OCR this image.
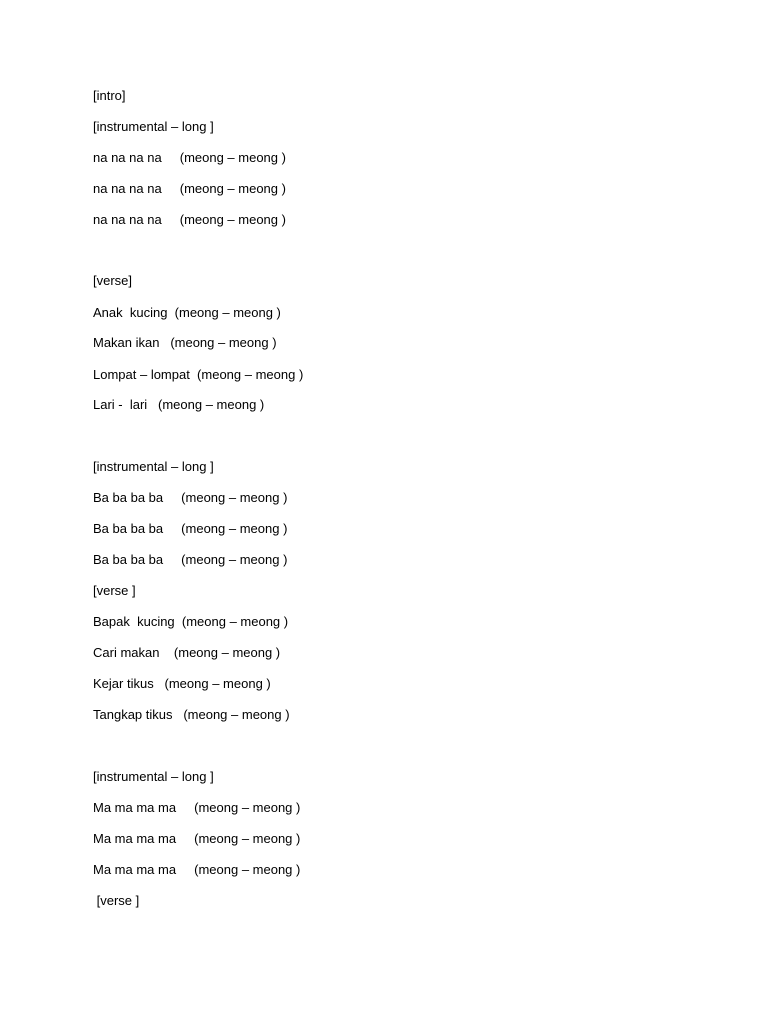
[intro]
[instrumental – long ]
na na na na     (meong – meong )
na na na na     (meong – meong )
na na na na     (meong – meong )
[verse]
Anak  kucing  (meong – meong )
Makan ikan   (meong – meong )
Lompat – lompat  (meong – meong )
Lari -  lari   (meong – meong )
[instrumental – long ]
Ba ba ba ba     (meong – meong )
Ba ba ba ba     (meong – meong )
Ba ba ba ba     (meong – meong )
[verse ]
Bapak  kucing  (meong – meong )
Cari makan    (meong – meong )
Kejar tikus   (meong – meong )
Tangkap tikus   (meong – meong )
[instrumental – long ]
Ma ma ma ma     (meong – meong )
Ma ma ma ma     (meong – meong )
Ma ma ma ma     (meong – meong )
[verse ]
